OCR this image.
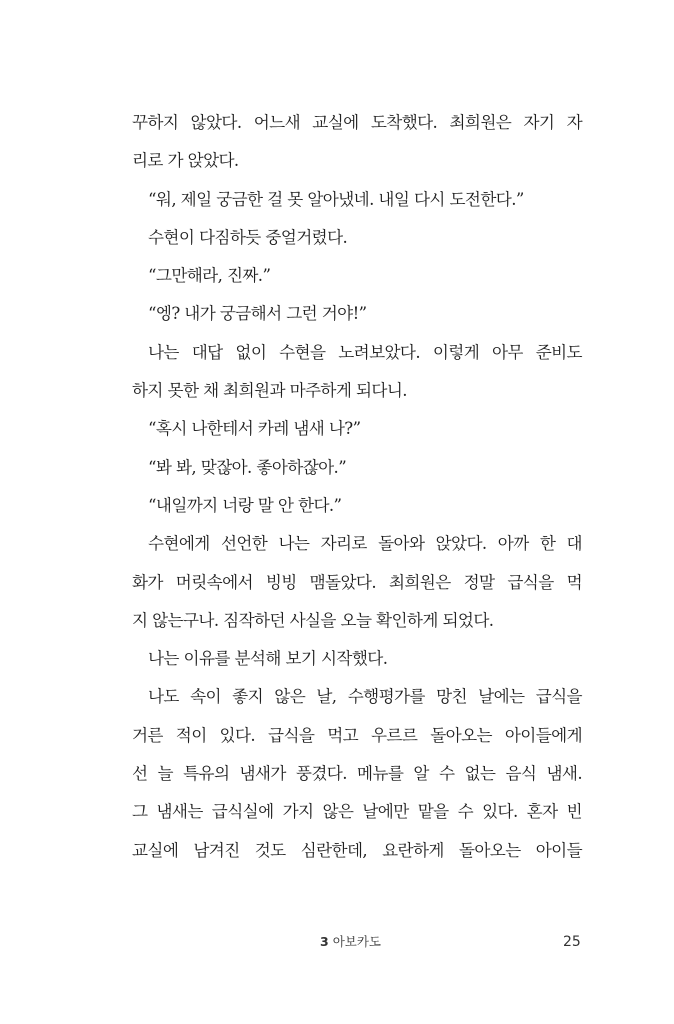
꾸하지 않았다. 어느새 교실에 도착했다. 최희원은 자기 자
리로 가 앉았다.
“워, 제일 궁금한 걸 못 알아냈네. 내일 다시 도전한다.”
수현이 다짐하듯 중얼거렸다.
“그만해라, 진짜.”
“엥? 내가 궁금해서 그런 거야!”
나는 대답 없이 수현을 노려보았다. 이렇게 아무 준비도
하지 못한 채 최희원과 마주하게 되다니.
“혹시 나한테서 카레 냄새 나?”
“봐 봐, 맞잖아. 좋아하잖아.”
“내일까지 너랑 말 안 한다.”
수현에게 선언한 나는 자리로 돌아와 앉았다. 아까 한 대
화가 머릿속에서 빙빙 맴돌았다. 최희원은 정말 급식을 먹
지 않는구나. 짐작하던 사실을 오늘 확인하게 되었다.
나는 이유를 분석해 보기 시작했다.
나도 속이 좋지 않은 날, 수행평가를 망친 날에는 급식을
거른 적이 있다. 급식을 먹고 우르르 돌아오는 아이들에게
선 늘 특유의 냄새가 풍겼다. 메뉴를 알 수 없는 음식 냄새.
그 냄새는 급식실에 가지 않은 날에만 맡을 수 있다. 혼자 빈
교실에 남겨진 것도 심란한데, 요란하게 돌아오는 아이들
3 아보카도	25
